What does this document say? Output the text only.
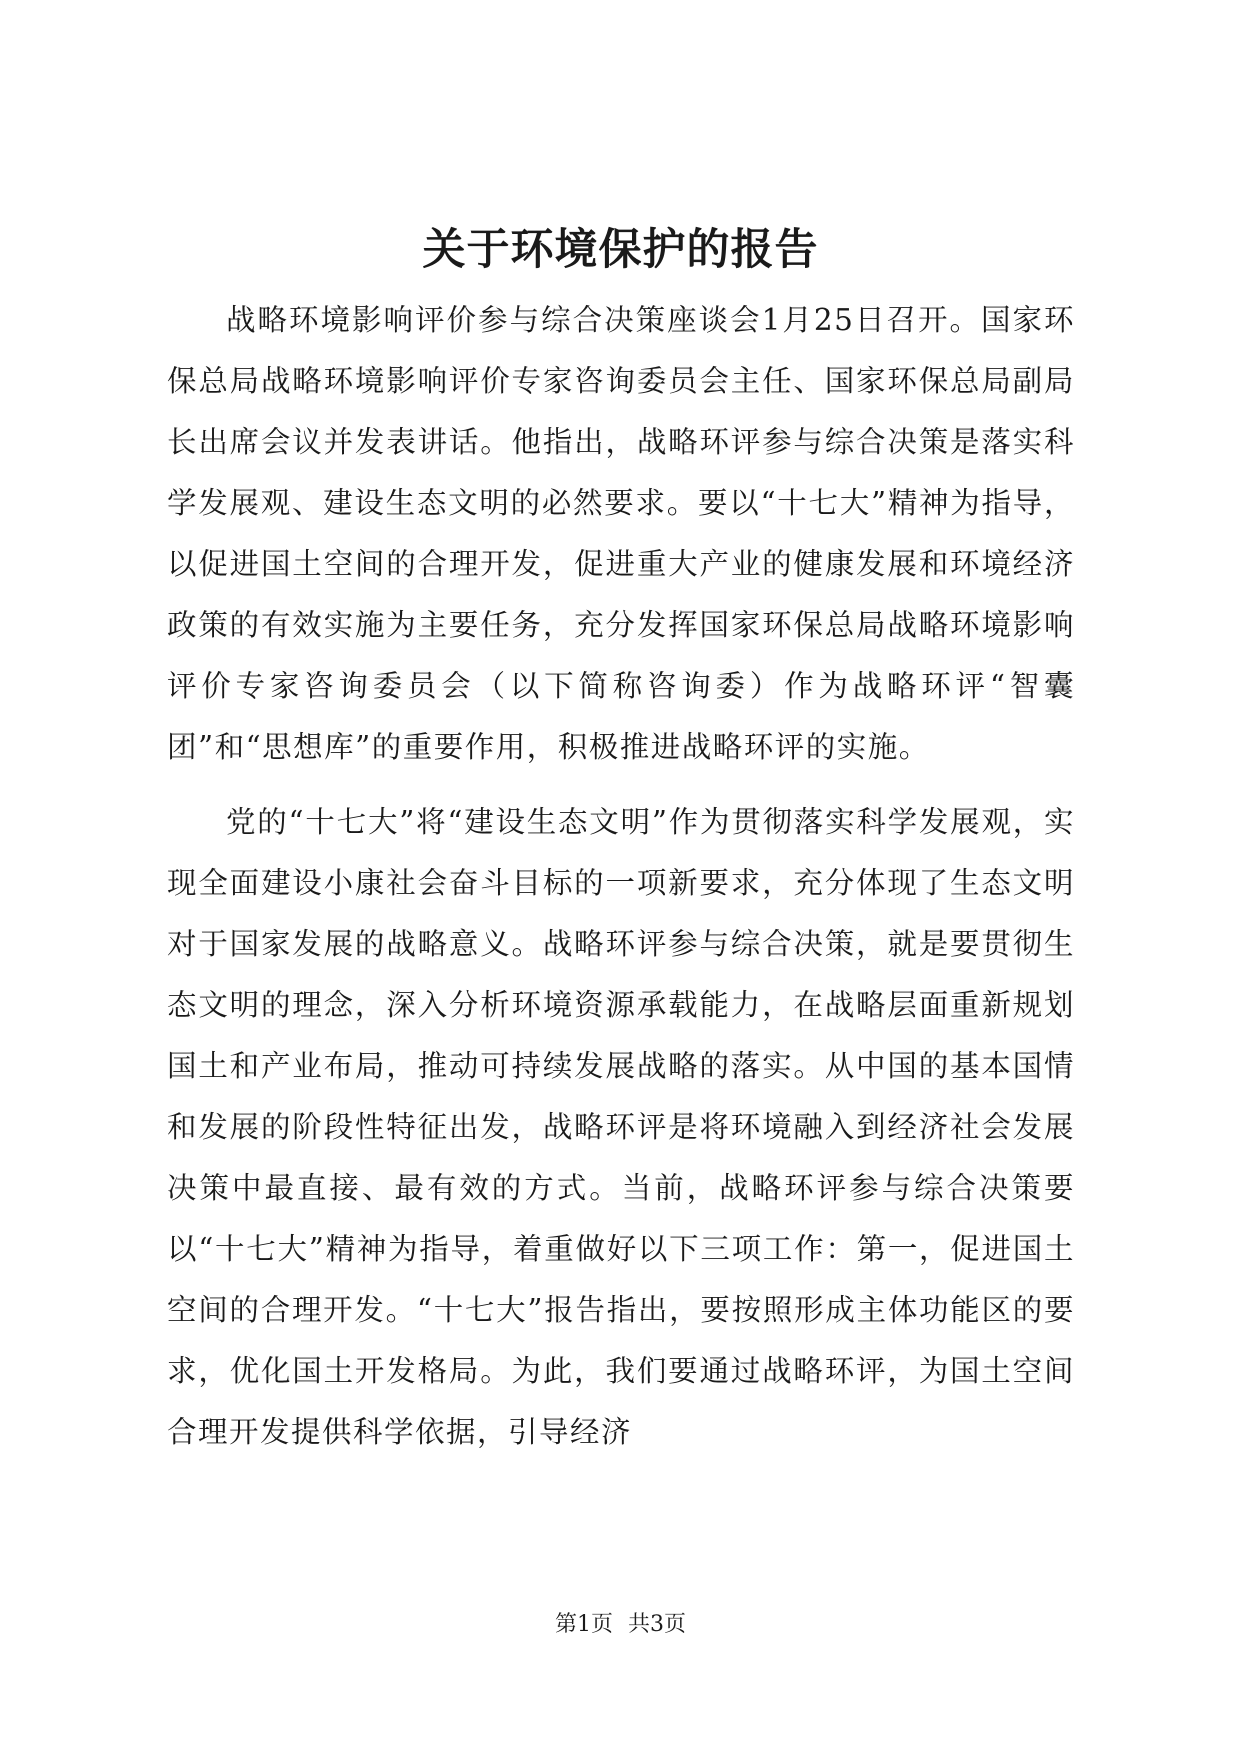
关于环境保护的报告

战略环境影响评价参与综合决策座谈会1月25日召开。国家环保总局战略环境影响评价专家咨询委员会主任、国家环保总局副局长出席会议并发表讲话。他指出，战略环评参与综合决策是落实科学发展观、建设生态文明的必然要求。要以“十七大”精神为指导，以促进国土空间的合理开发，促进重大产业的健康发展和环境经济政策的有效实施为主要任务，充分发挥国家环保总局战略环境影响评价专家咨询委员会（以下简称咨询委）作为战略环评“智囊团”和“思想库”的重要作用，积极推进战略环评的实施。

党的“十七大”将“建设生态文明”作为贯彻落实科学发展观，实现全面建设小康社会奋斗目标的一项新要求，充分体现了生态文明对于国家发展的战略意义。战略环评参与综合决策，就是要贯彻生态文明的理念，深入分析环境资源承载能力，在战略层面重新规划国土和产业布局，推动可持续发展战略的落实。从中国的基本国情和发展的阶段性特征出发，战略环评是将环境融入到经济社会发展决策中最直接、最有效的方式。当前，战略环评参与综合决策要以“十七大”精神为指导，着重做好以下三项工作：第一，促进国土空间的合理开发。“十七大”报告指出，要按照形成主体功能区的要求，优化国土开发格局。为此，我们要通过战略环评，为国土空间合理开发提供科学依据，引导经济

第1页 共3页
